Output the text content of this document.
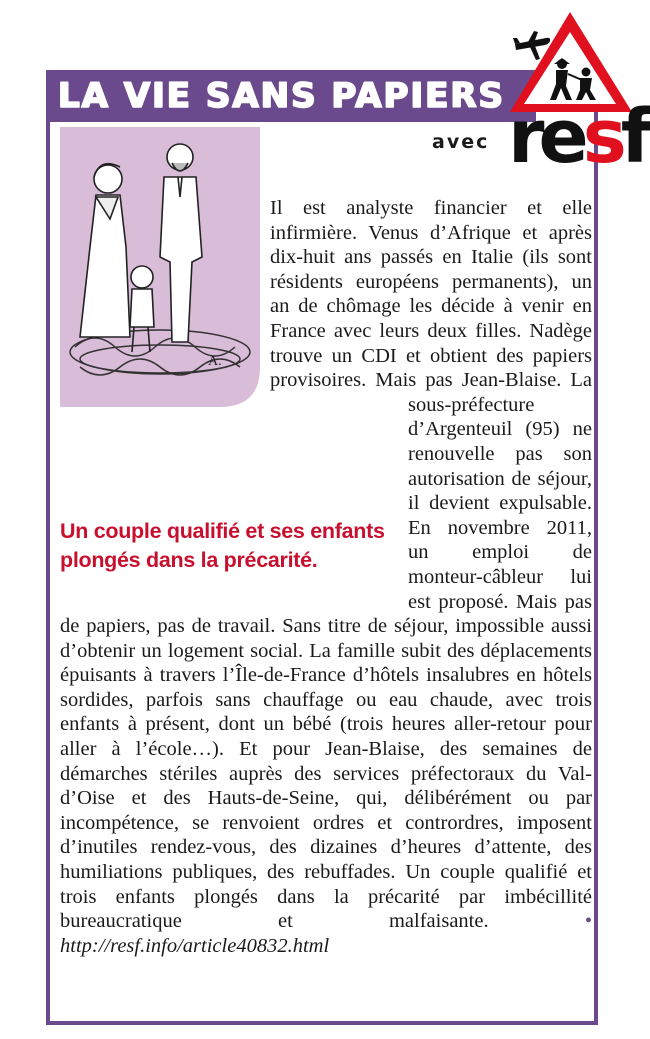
LA VIE SANS PAPIERS
avec resf
A.
Un couple qualifié et ses enfants plongés dans la précarité.
Il est analyste financier et elle infirmière. Venus d’Afrique et après dix-huit ans passés en Italie (ils sont résidents européens permanents), un an de chômage les décide à venir en France avec leurs deux filles. Nadège trouve un CDI et obtient des papiers provisoires. Mais pas Jean-Blaise. La sous-préfecture d’Argenteuil (95) ne renouvelle pas son autorisation de séjour, il devient expulsable. En novembre 2011, un emploi de monteur-câbleur lui est proposé. Mais pas de papiers, pas de travail. Sans titre de séjour, impossible aussi d’obtenir un logement social. La famille subit des déplacements épuisants à travers l’Île-de-France d’hôtels insalubres en hôtels sordides, parfois sans chauffage ou eau chaude, avec trois enfants à présent, dont un bébé (trois heures aller-retour pour aller à l’école…). Et pour Jean-Blaise, des semaines de démarches stériles auprès des services préfectoraux du Val-d’Oise et des Hauts-de-Seine, qui, délibérément ou par incompétence, se renvoient ordres et contrordres, imposent d’inutiles rendez-vous, des dizaines d’heures d’attente, des humiliations publiques, des rebuffades. Un couple qualifié et trois enfants plongés dans la précarité par imbécillité bureaucratique et malfaisante.	• http://resf.info/article40832.html
